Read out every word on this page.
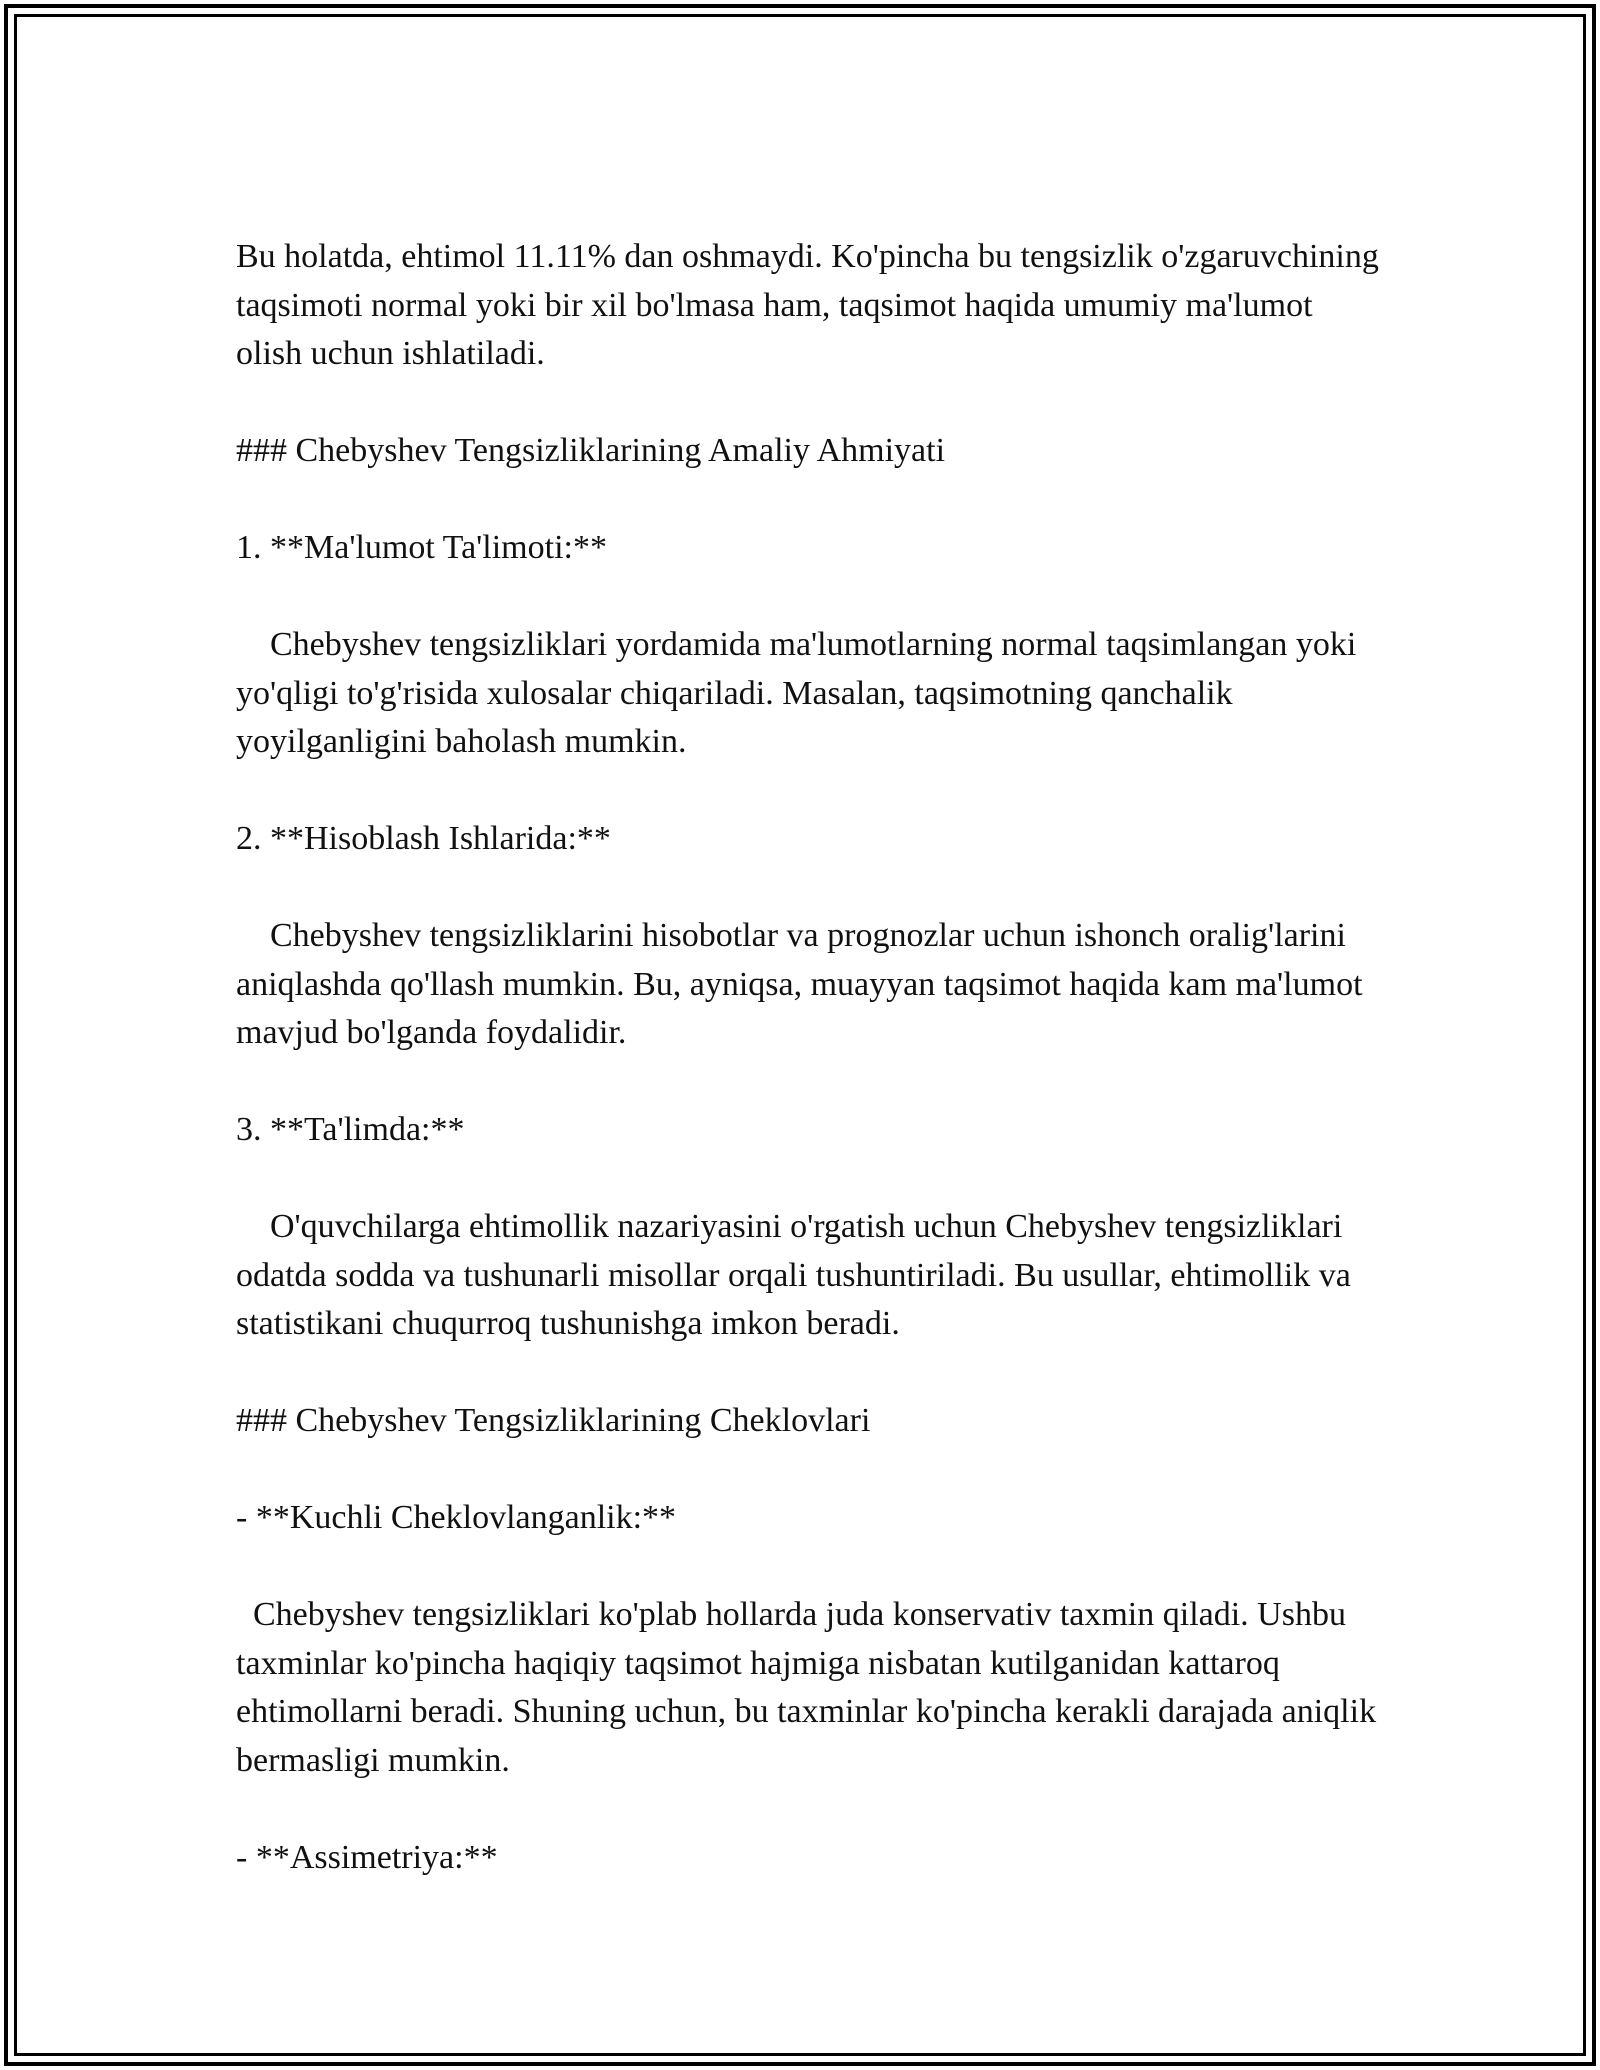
Bu holatda, ehtimol 11.11% dan oshmaydi. Ko'pincha bu tengsizlik o'zgaruvchining taqsimoti normal yoki bir xil bo'lmasa ham, taqsimot haqida umumiy ma'lumot olish uchun ishlatiladi.

### Chebyshev Tengsizliklarining Amaliy Ahmiyati

1. **Ma'lumot Ta'limoti:**

Chebyshev tengsizliklari yordamida ma'lumotlarning normal taqsimlangan yoki yo'qligi to'g'risida xulosalar chiqariladi. Masalan, taqsimotning qanchalik yoyilganligini baholash mumkin.

2. **Hisoblash Ishlarida:**

Chebyshev tengsizliklarini hisobotlar va prognozlar uchun ishonch oralig'larini aniqlashda qo'llash mumkin. Bu, ayniqsa, muayyan taqsimot haqida kam ma'lumot mavjud bo'lganda foydalidir.

3. **Ta'limda:**

O'quvchilarga ehtimollik nazariyasini o'rgatish uchun Chebyshev tengsizliklari odatda sodda va tushunarli misollar orqali tushuntiriladi. Bu usullar, ehtimollik va statistikani chuqurroq tushunishga imkon beradi.

### Chebyshev Tengsizliklarining Cheklovlari

- **Kuchli Cheklovlanganlik:**

Chebyshev tengsizliklari ko'plab hollarda juda konservativ taxmin qiladi. Ushbu taxminlar ko'pincha haqiqiy taqsimot hajmiga nisbatan kutilganidan kattaroq ehtimollarni beradi. Shuning uchun, bu taxminlar ko'pincha kerakli darajada aniqlik bermasligi mumkin.

- **Assimetriya:**
